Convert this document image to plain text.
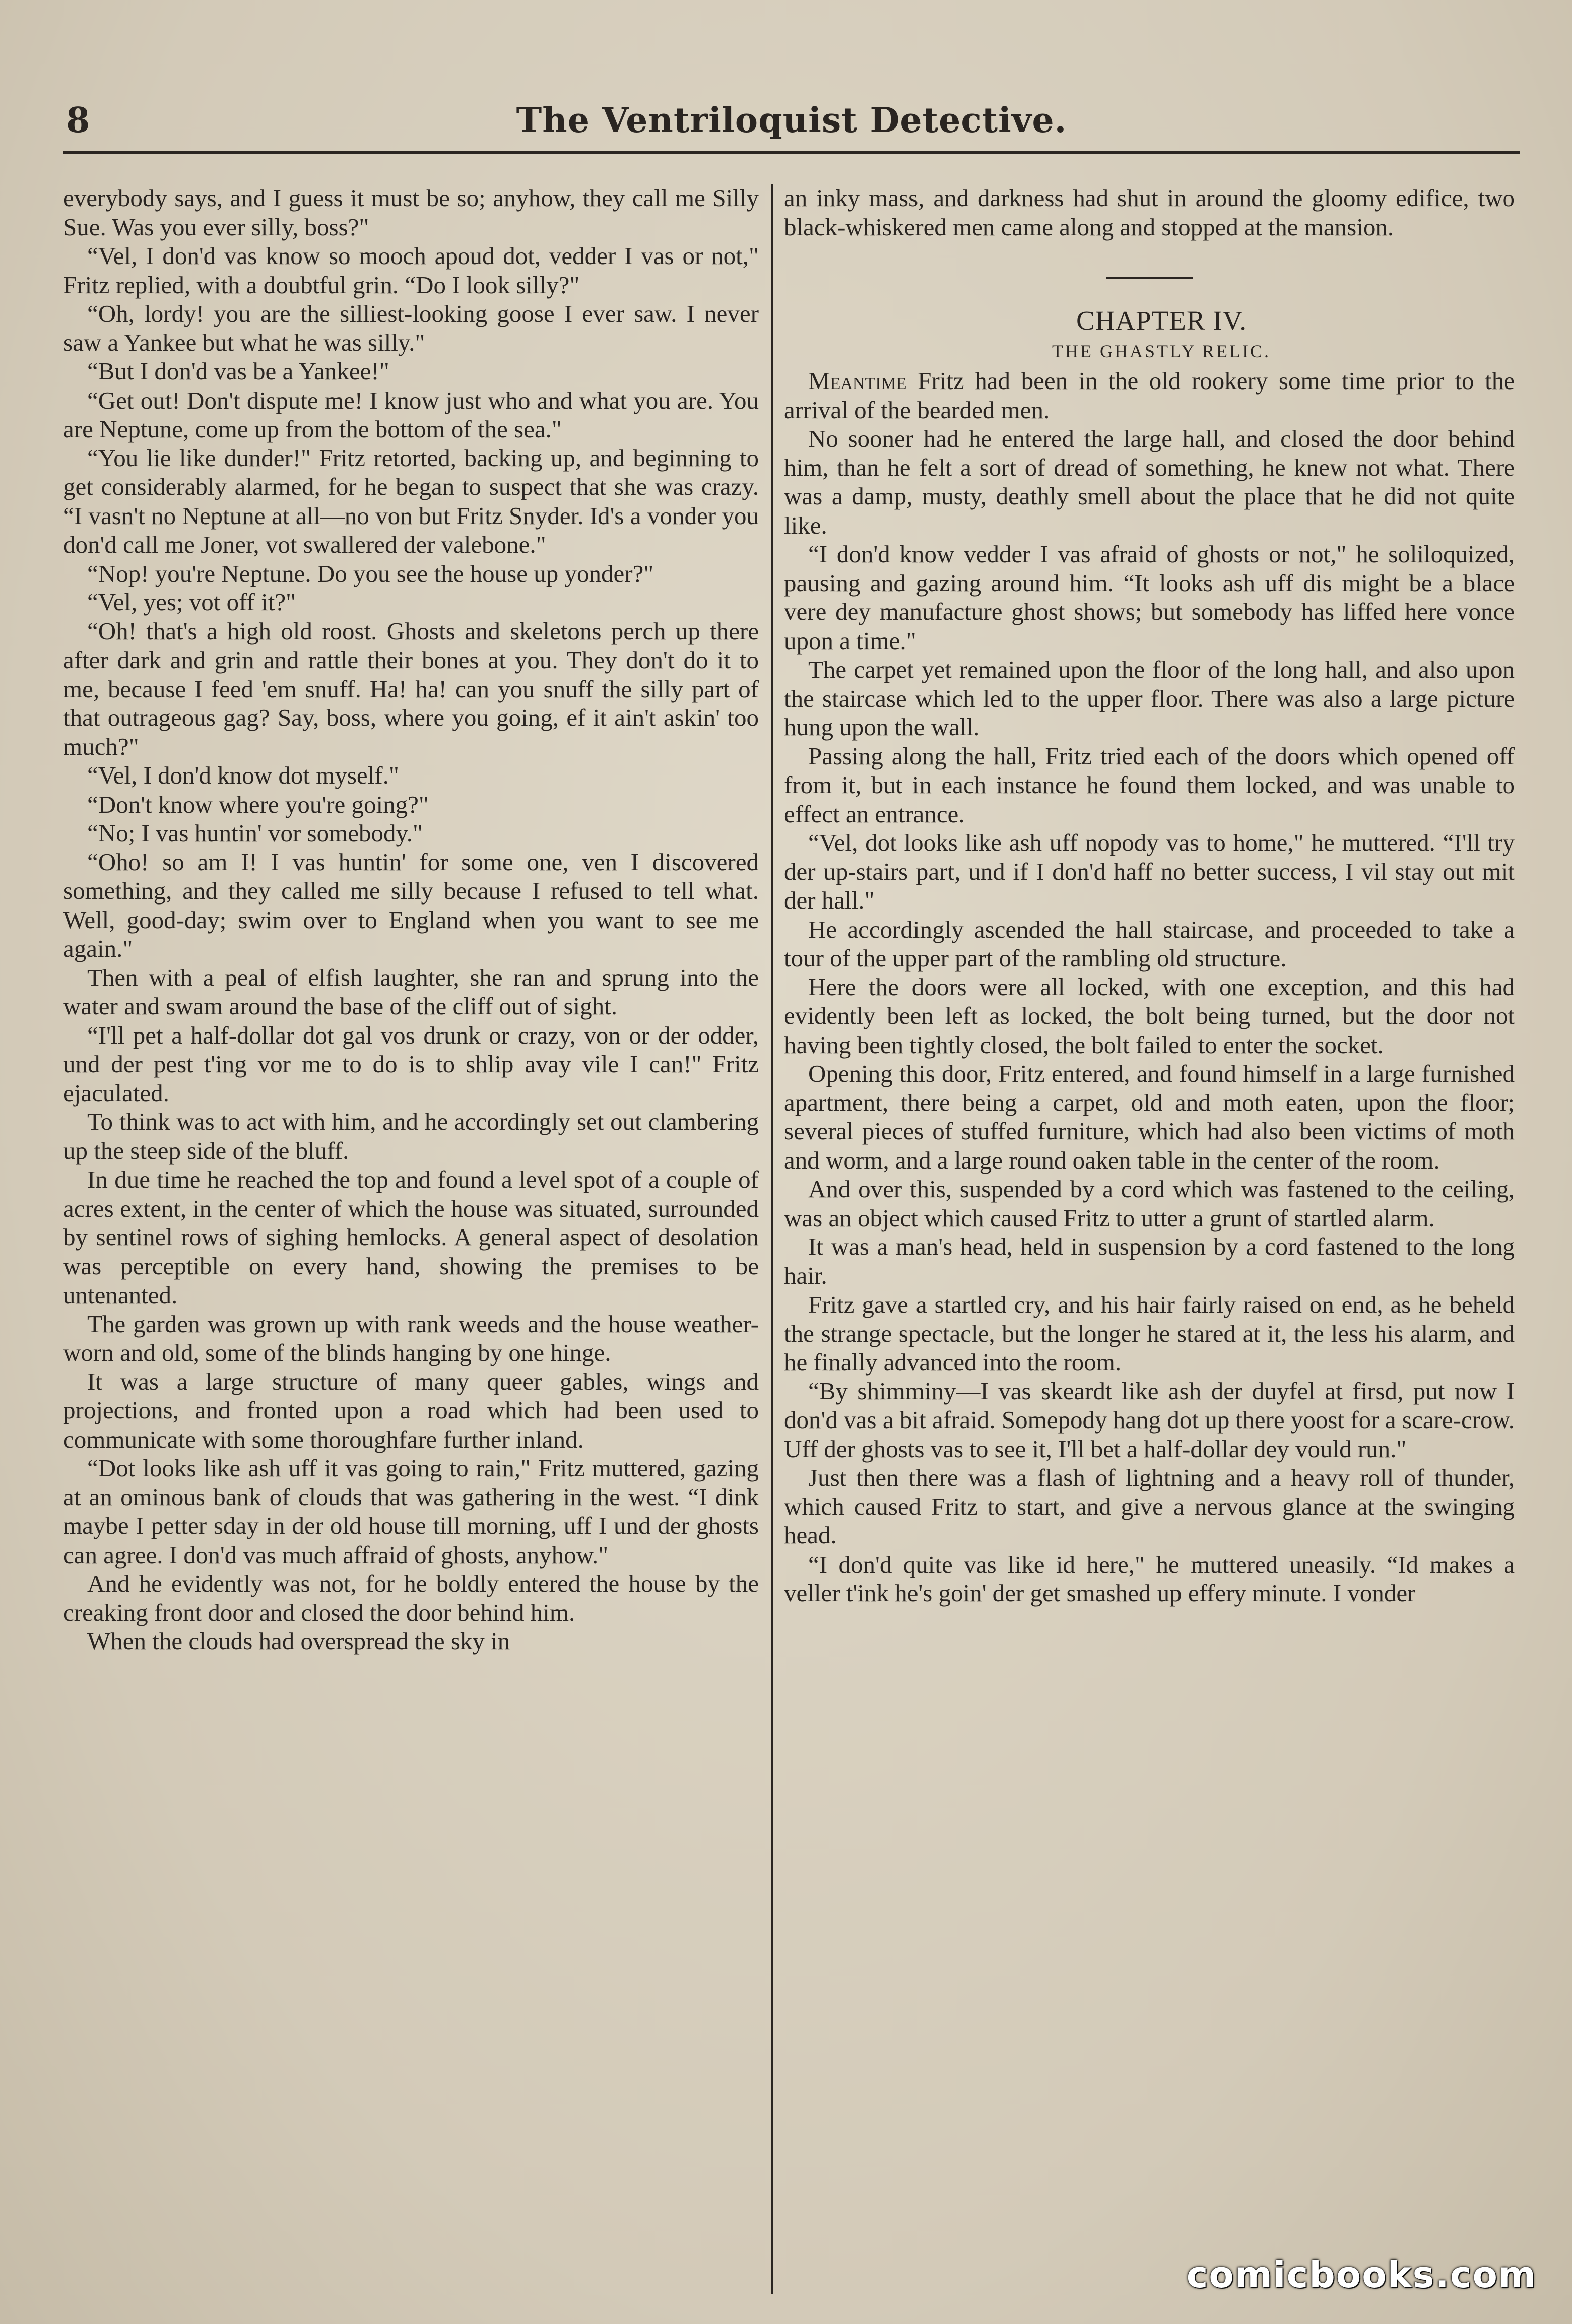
8	The Ventriloquist Detective.

everybody says, and I guess it must be so; anyhow, they call me Silly Sue. Was you ever silly, boss?"

“Vel, I don'd vas know so mooch apoud dot, vedder I vas or not," Fritz replied, with a doubtful grin. “Do I look silly?"

“Oh, lordy! you are the silliest-looking goose I ever saw. I never saw a Yankee but what he was silly."

“But I don'd vas be a Yankee!"

“Get out! Don't dispute me! I know just who and what you are. You are Neptune, come up from the bottom of the sea."

“You lie like dunder!" Fritz retorted, backing up, and beginning to get considerably alarmed, for he began to suspect that she was crazy. “I vasn't no Neptune at all—no von but Fritz Snyder. Id's a vonder you don'd call me Joner, vot swallered der valebone."

“Nop! you're Neptune. Do you see the house up yonder?"

“Vel, yes; vot off it?"

“Oh! that's a high old roost. Ghosts and skeletons perch up there after dark and grin and rattle their bones at you. They don't do it to me, because I feed 'em snuff. Ha! ha! can you snuff the silly part of that outrageous gag? Say, boss, where you going, ef it ain't askin' too much?"

“Vel, I don'd know dot myself."

“Don't know where you're going?"

“No; I vas huntin' vor somebody."

“Oho! so am I! I vas huntin' for some one, ven I discovered something, and they called me silly because I refused to tell what. Well, good-day; swim over to England when you want to see me again."

Then with a peal of elfish laughter, she ran and sprung into the water and swam around the base of the cliff out of sight.

“I'll pet a half-dollar dot gal vos drunk or crazy, von or der odder, und der pest t'ing vor me to do is to shlip avay vile I can!" Fritz ejaculated.

To think was to act with him, and he accordingly set out clambering up the steep side of the bluff.

In due time he reached the top and found a level spot of a couple of acres extent, in the center of which the house was situated, surrounded by sentinel rows of sighing hemlocks. A general aspect of desolation was perceptible on every hand, showing the premises to be untenanted.

The garden was grown up with rank weeds and the house weather-worn and old, some of the blinds hanging by one hinge.

It was a large structure of many queer gables, wings and projections, and fronted upon a road which had been used to communicate with some thoroughfare further inland.

“Dot looks like ash uff it vas going to rain," Fritz muttered, gazing at an ominous bank of clouds that was gathering in the west. “I dink maybe I petter sday in der old house till morning, uff I und der ghosts can agree. I don'd vas much affraid of ghosts, anyhow."

And he evidently was not, for he boldly entered the house by the creaking front door and closed the door behind him.

When the clouds had overspread the sky in

an inky mass, and darkness had shut in around the gloomy edifice, two black-whiskered men came along and stopped at the mansion.

CHAPTER IV.

THE GHASTLY RELIC.

Meantime Fritz had been in the old rookery some time prior to the arrival of the bearded men.

No sooner had he entered the large hall, and closed the door behind him, than he felt a sort of dread of something, he knew not what. There was a damp, musty, deathly smell about the place that he did not quite like.

“I don'd know vedder I vas afraid of ghosts or not," he soliloquized, pausing and gazing around him. “It looks ash uff dis might be a blace vere dey manufacture ghost shows; but somebody has liffed here vonce upon a time."

The carpet yet remained upon the floor of the long hall, and also upon the staircase which led to the upper floor. There was also a large picture hung upon the wall.

Passing along the hall, Fritz tried each of the doors which opened off from it, but in each instance he found them locked, and was unable to effect an entrance.

“Vel, dot looks like ash uff nopody vas to home," he muttered. “I'll try der up-stairs part, und if I don'd haff no better success, I vil stay out mit der hall."

He accordingly ascended the hall staircase, and proceeded to take a tour of the upper part of the rambling old structure.

Here the doors were all locked, with one exception, and this had evidently been left as locked, the bolt being turned, but the door not having been tightly closed, the bolt failed to enter the socket.

Opening this door, Fritz entered, and found himself in a large furnished apartment, there being a carpet, old and moth eaten, upon the floor; several pieces of stuffed furniture, which had also been victims of moth and worm, and a large round oaken table in the center of the room.

And over this, suspended by a cord which was fastened to the ceiling, was an object which caused Fritz to utter a grunt of startled alarm.

It was a man's head, held in suspension by a cord fastened to the long hair.

Fritz gave a startled cry, and his hair fairly raised on end, as he beheld the strange spectacle, but the longer he stared at it, the less his alarm, and he finally advanced into the room.

“By shimminy—I vas skeardt like ash der duyfel at firsd, put now I don'd vas a bit afraid. Somepody hang dot up there yoost for a scare-crow. Uff der ghosts vas to see it, I'll bet a half-dollar dey vould run."

Just then there was a flash of lightning and a heavy roll of thunder, which caused Fritz to start, and give a nervous glance at the swinging head.

“I don'd quite vas like id here," he muttered uneasily. “Id makes a veller t'ink he's goin' der get smashed up effery minute. I vonder

comicbooks.com
